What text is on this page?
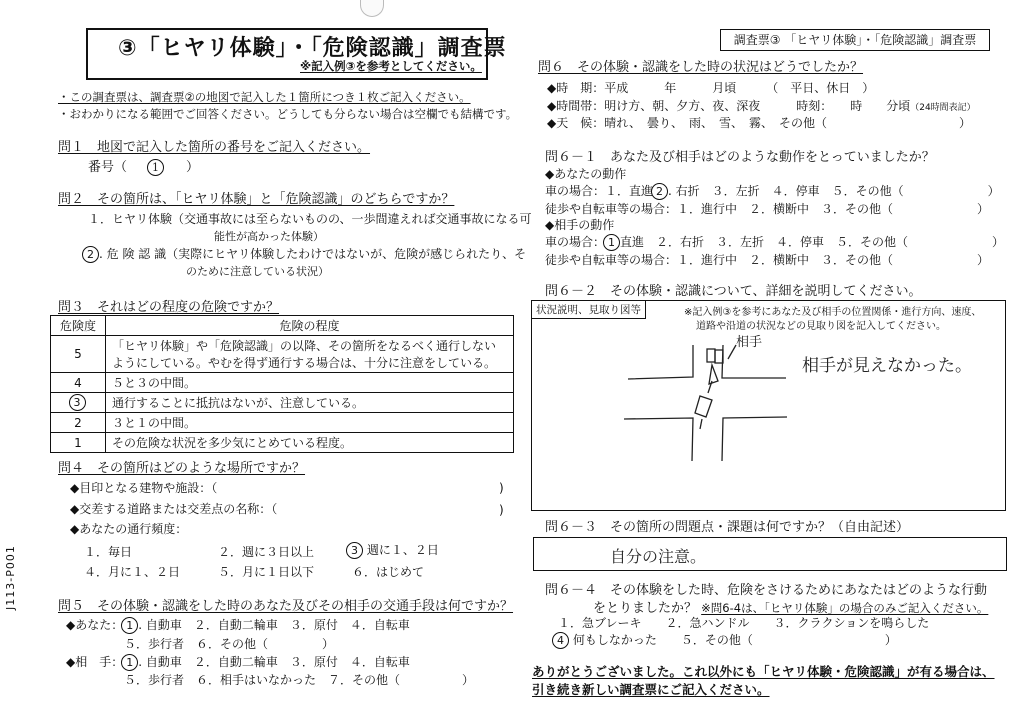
③「ヒヤリ体験」・「危険認識」調査票
※記入例③を参考としてください。
調査票③ 「ヒヤリ体験」・「危険認識」調査票
・この調査票は、調査票②の地図で記入した１箇所につき１枚ご記入ください。
・おわかりになる範囲でご回答ください。どうしても分らない場合は空欄でも結構です。
問１　地図で記入した箇所の番号をご記入ください。
番号（ 1 ）
問２　その箇所は、「ヒヤリ体験」と「危険認識」のどちらですか？
１．ヒヤリ体験（交通事故には至らないものの、一歩間違えれば交通事故になる可
能性が高かった体験）
2 . 危 険 認 識（実際にヒヤリ体験したわけではないが、危険が感じられたり、そ
のために注意している状況）
問３　それはどの程度の危険ですか？
危険度	危険の程度
5	「ヒヤリ体験」や「危険認識」の以降、その箇所をなるべく通行しない
ようにしている。やむを得ず通行する場合は、十分に注意をしている。

4	５と３の中間。
3	通行することに抵抗はないが、注意している。
2	３と１の中間。
1	その危険な状況を多少気にとめている程度。
問４　その箇所はどのような場所ですか？
◆目印となる建物や施設：（	)
◆交差する道路または交差点の名称：（	)
◆あなたの通行頻度：
１．毎日	２．週に３日以上	3 週に１、２日
４．月に１、２日	５．月に１日以下	６．はじめて
問５　その体験・認識をした時のあなた及びその相手の交通手段は何ですか？
◆あなた： 1 . 自動車　２．自動二輪車　３．原付　４．自転車
５．歩行者　６．その他（	）
◆相　手： 1 . 自動車　２．自動二輪車　３．原付　４．自転車
５．歩行者　６．相手はいなかった　７．その他（	）
J113-P001
問６　その体験・認識をした時の状況はどうでしたか？
◆時　期：平成　　　年　　　月頃　　　（　平日、休日　）
◆時間帯：明け方、朝、夕方、夜、深夜　　　時刻：　　時　　分頃（24時間表記）
◆天　候：晴れ、　曇り、　雨、　雪、　霧、　その他（　　　　　　　　　　　）
問６－１　あなた及び相手はどのような動作をとっていましたか？
◆あなたの動作
車の場合：１．直進 2 . 右折　３．左折　４．停車　５．その他（　　　　　　　）
徒歩や自転車等の場合：１．進行中　２．横断中　３．その他（　　　　　　　）
◆相手の動作
車の場合： 1 直進　２．右折　３．左折　４．停車　５．その他（　　　　　　　）
徒歩や自転車等の場合：１．進行中　２．横断中　３．その他（　　　　　　　）
問６－２　その体験・認識について、詳細を説明してください。
状況説明、見取り図等	※記入例③を参考にあなた及び相手の位置関係・進行方向、速度、
道路や沿道の状況などの見取り図を記入してください。
相手
相手が見えなかった。
問６－３　その箇所の問題点・課題は何ですか？（自由記述）
自分の注意。
問６－４　その体験をした時、危険をさけるためにあなたはどのような行動
をとりましたか？ ※問6-4は、「ヒヤリ体験」の場合のみご記入ください。
１．急ブレーキ　　２．急ハンドル　　３．クラクションを鳴らした
4 何もしなかった　　５．その他（　　　　　　　　　　　）
ありがとうございました。これ以外にも「ヒヤリ体験・危険認識」が有る場合は、
引き続き新しい調査票にご記入ください。
